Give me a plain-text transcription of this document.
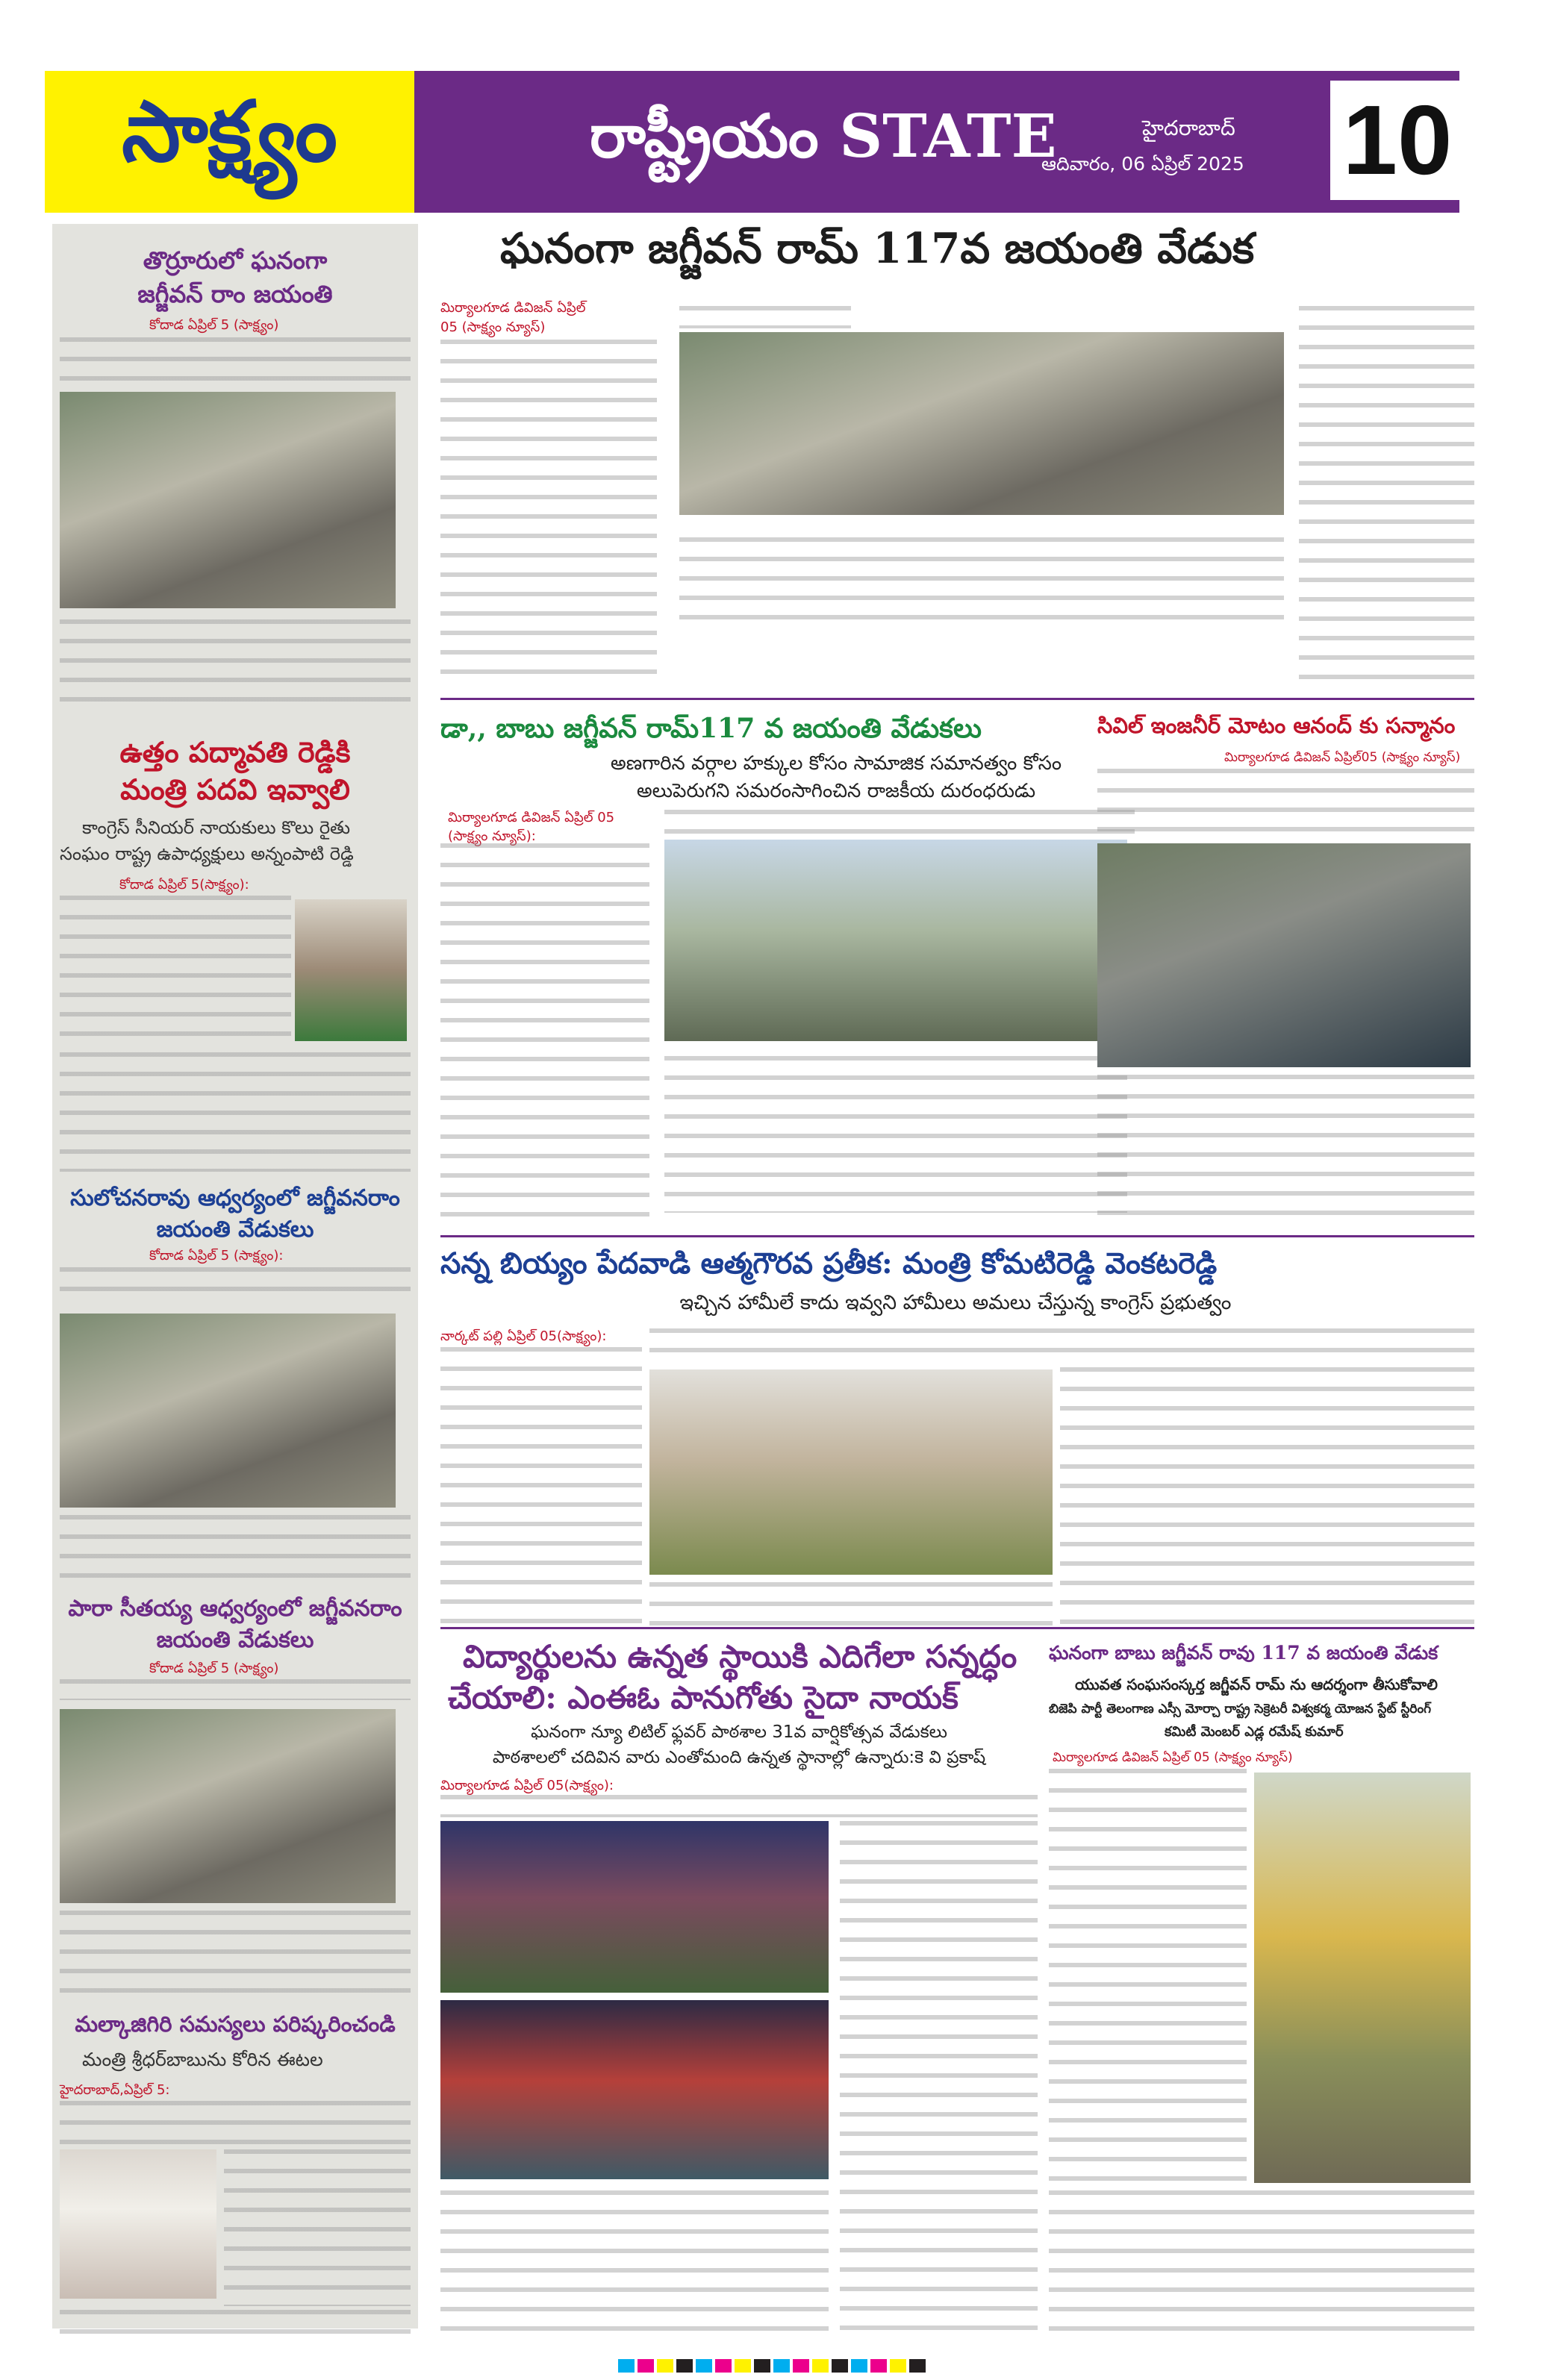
సాక్ష్యం	రాష్ట్రీయం STATE	హైదరాబాద్
ఆదివారం, 06 ఏప్రిల్ 2025 10
తొర్రూరులో ఘనంగా
జగ్జీవన్ రాం జయంతి
కోదాడ ఏప్రిల్ 5 (సాక్ష్యం)
ఉత్తం పద్మావతి రెడ్డికి
మంత్రి పదవి ఇవ్వాలి
కాంగ్రెస్ సీనియర్ నాయకులు కొలు రైతు
సంఘం రాష్ట్ర ఉపాధ్యక్షులు అన్నంపాటి రెడ్డి
కోదాడ ఏప్రిల్ 5(సాక్ష్యం):
సులోచనరావు ఆధ్వర్యంలో జగ్జీవనరాం
జయంతి వేడుకలు
కోదాడ ఏప్రిల్ 5 (సాక్ష్యం):
పారా సీతయ్య ఆధ్వర్యంలో జగ్జీవనరాం
జయంతి వేడుకలు
కోదాడ ఏప్రిల్ 5 (సాక్ష్యం)
మల్కాజిగిరి సమస్యలు పరిష్కరించండి
మంత్రి శ్రీధర్‌బాబును కోరిన ఈటల
హైదరాబాద్,ఏప్రిల్ 5:
ఘనంగా జగ్జీవన్ రామ్ 117వ జయంతి వేడుక
మిర్యాలగూడ డివిజన్ ఏప్రిల్ 05 (సాక్ష్యం న్యూస్)
డా,, బాబు జగ్జీవన్ రామ్117 వ జయంతి వేడుకలు
అణగారిన వర్గాల హక్కుల కోసం సామాజిక సమానత్వం కోసం
అలుపెరుగని సమరంసాగించిన రాజకీయ దురంధరుడు
మిర్యాలగూడ డివిజన్ ఏప్రిల్ 05 (సాక్ష్యం న్యూస్):
సివిల్ ఇంజనీర్ మోటం ఆనంద్ కు సన్మానం
మిర్యాలగూడ డివిజన్ ఏప్రిల్05 (సాక్ష్యం న్యూస్)
సన్న బియ్యం పేదవాడి ఆత్మగౌరవ ప్రతీక: మంత్రి కోమటిరెడ్డి వెంకటరెడ్డి
ఇచ్చిన హామీలే కాదు ఇవ్వని హామీలు అమలు చేస్తున్న కాంగ్రెస్ ప్రభుత్వం
నార్కట్ పల్లి ఏప్రిల్ 05(సాక్ష్యం):
విద్యార్థులను ఉన్నత స్థాయికి ఎదిగేలా సన్నద్ధం
చేయాలి: ఎంఈఓ పానుగోతు సైదా నాయక్
ఘనంగా న్యూ లిటిల్ ఫ్లవర్ పాఠశాల 31వ వార్షికోత్సవ వేడుకలు
పాఠశాలలో చదివిన వారు ఎంతోమంది ఉన్నత స్థానాల్లో ఉన్నారు:కె వి ప్రకాష్
మిర్యాలగూడ ఏప్రిల్ 05(సాక్ష్యం):
ఘనంగా బాబు జగ్జీవన్ రావు 117 వ జయంతి వేడుక
యువత సంఘసంస్కర్త జగ్జీవన్ రామ్ ను ఆదర్శంగా తీసుకోవాలి
బిజెపి పార్టీ తెలంగాణ ఎస్సీ మోర్చా రాష్ట్ర సెక్రెటరీ విశ్వకర్మ యోజన స్టేట్ స్టీరింగ్
కమిటీ మెంబర్ ఎడ్ల రమేష్ కుమార్
మిర్యాలగూడ డివిజన్ ఏప్రిల్ 05 (సాక్ష్యం న్యూస్)
